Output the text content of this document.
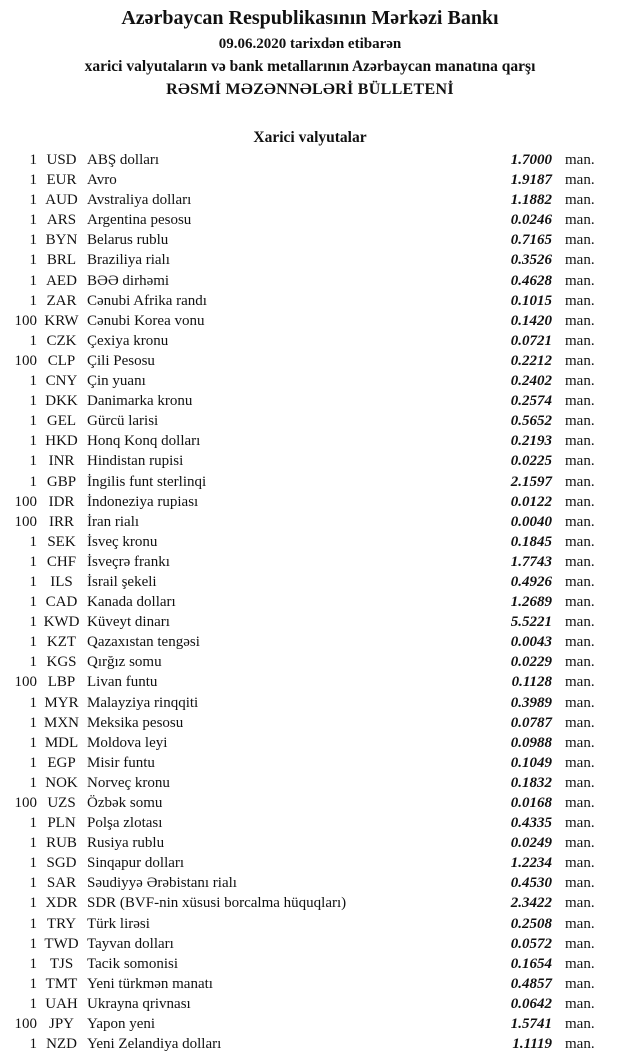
Azərbaycan Respublikasının Mərkəzi Bankı
09.06.2020 tarixdən etibarən
xarici valyutaların və bank metallarının Azərbaycan manatına qarşı
RƏSMİ MƏZƏNNƏLƏRİ BÜLLETENİ
Xarici valyutalar
1 USD ABŞ dolları	1.7000 man.
1 EUR Avro	1.9187 man.
1 AUD Avstraliya dolları	1.1882 man.
1 ARS Argentina pesosu	0.0246 man.
1 BYN Belarus rublu	0.7165 man.
1 BRL Braziliya rialı	0.3526 man.
1 AED BƏƏ dirhəmi	0.4628 man.
1 ZAR Cənubi Afrika randı	0.1015 man.
100 KRW Cənubi Korea vonu	0.1420 man.
1 CZK Çexiya kronu	0.0721 man.
100 CLP Çili Pesosu	0.2212 man.
1 CNY Çin yuanı	0.2402 man.
1 DKK Danimarka kronu	0.2574 man.
1 GEL Gürcü larisi	0.5652 man.
1 HKD Honq Konq dolları	0.2193 man.
1 INR Hindistan rupisi	0.0225 man.
1 GBP İngilis funt sterlinqi	2.1597 man.
100 IDR İndoneziya rupiası	0.0122 man.
100 IRR İran rialı	0.0040 man.
1 SEK İsveç kronu	0.1845 man.
1 CHF İsveçrə frankı	1.7743 man.
1 ILS İsrail şekeli	0.4926 man.
1 CAD Kanada dolları	1.2689 man.
1 KWD Küveyt dinarı	5.5221 man.
1 KZT Qazaxıstan tengəsi	0.0043 man.
1 KGS Qırğız somu	0.0229 man.
100 LBP Livan funtu	0.1128 man.
1 MYR Malayziya rinqqiti	0.3989 man.
1 MXN Meksika pesosu	0.0787 man.
1 MDL Moldova leyi	0.0988 man.
1 EGP Misir funtu	0.1049 man.
1 NOK Norveç kronu	0.1832 man.
100 UZS Özbək somu	0.0168 man.
1 PLN Polşa zlotası	0.4335 man.
1 RUB Rusiya rublu	0.0249 man.
1 SGD Sinqapur dolları	1.2234 man.
1 SAR Səudiyyə Ərəbistanı rialı	0.4530 man.
1 XDR SDR (BVF-nin xüsusi borcalma hüquqları)	2.3422 man.
1 TRY Türk lirəsi	0.2508 man.
1 TWD Tayvan dolları	0.0572 man.
1 TJS Tacik somonisi	0.1654 man.
1 TMT Yeni türkmən manatı	0.4857 man.
1 UAH Ukrayna qrivnası	0.0642 man.
100 JPY Yapon yeni	1.5741 man.
1 NZD Yeni Zelandiya dolları	1.1119 man.
